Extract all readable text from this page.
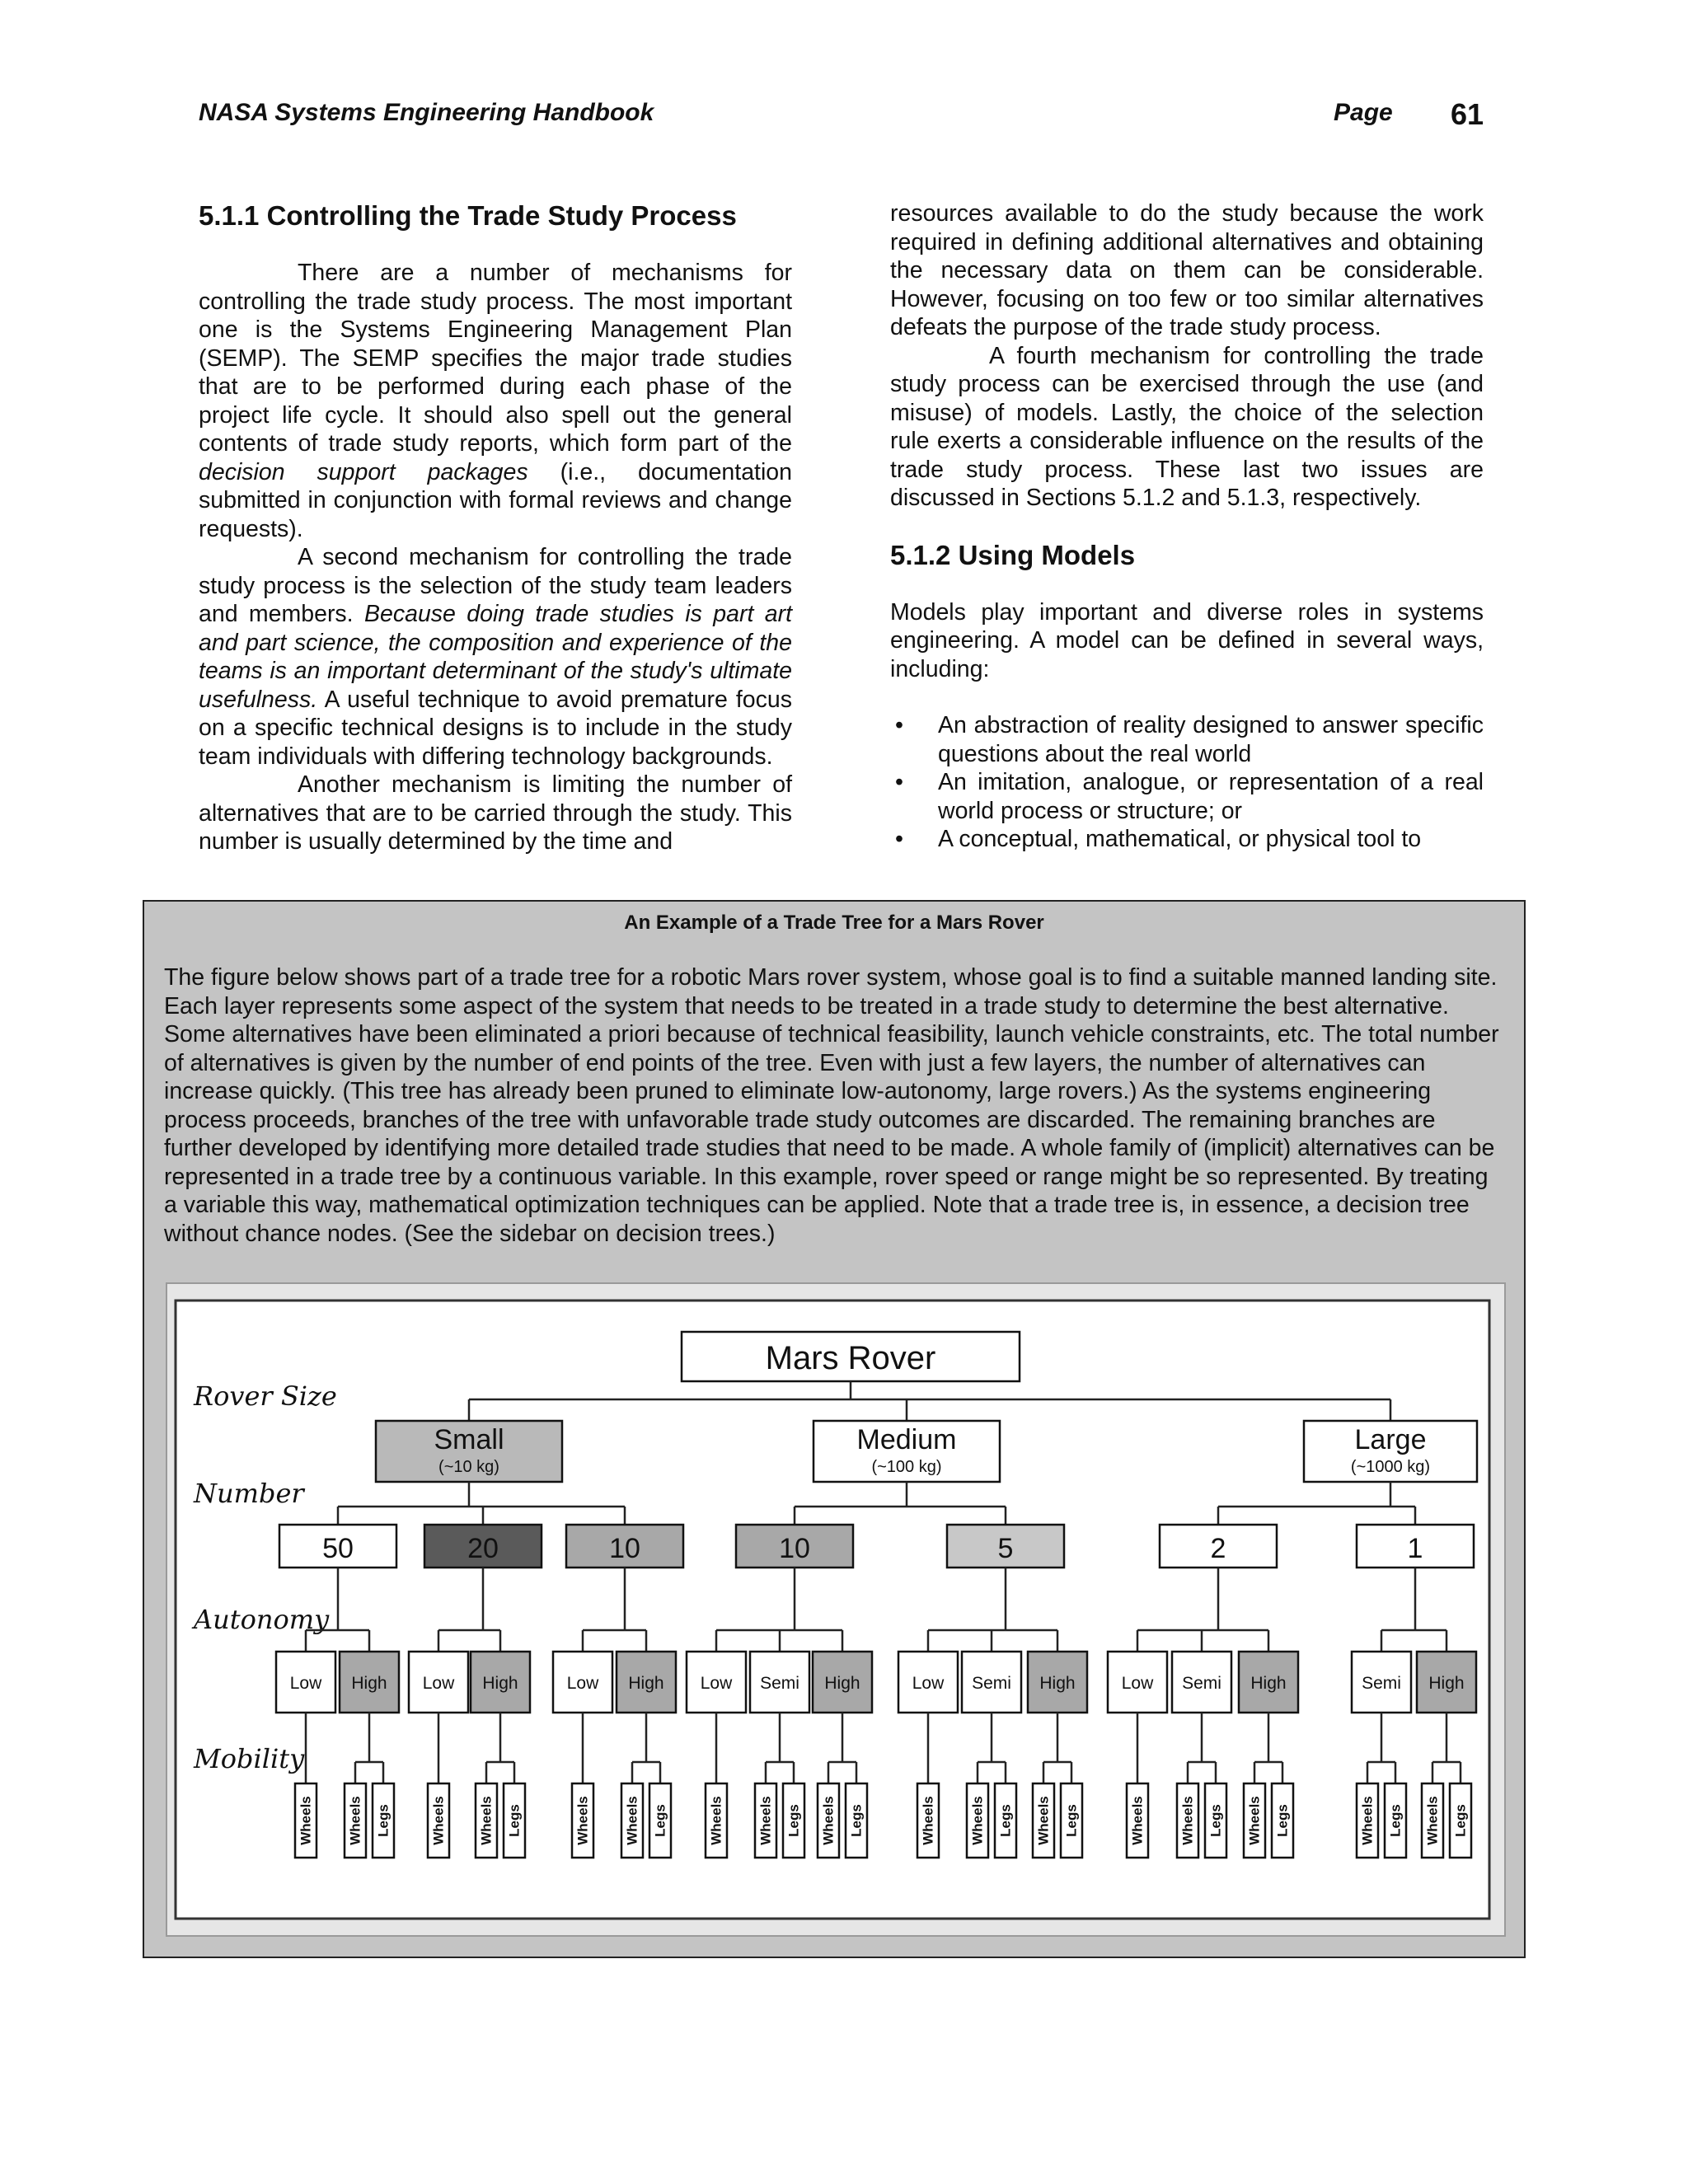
NASA Systems Engineering Handbook	Page 61
5.1.1 Controlling the Trade Study Process

There are a number of mechanisms for controlling the trade study process. The most important one is the Systems Engineering Management Plan (SEMP). The SEMP specifies the major trade studies that are to be performed during each phase of the project life cycle. It should also spell out the general contents of trade study reports, which form part of the decision support packages (i.e., documentation submitted in conjunction with formal reviews and change requests).

A second mechanism for controlling the trade study process is the selection of the study team leaders and members. Because doing trade studies is part art and part science, the composition and experience of the teams is an important determinant of the study's ultimate usefulness. A useful technique to avoid premature focus on a specific technical designs is to include in the study team individuals with differing technology backgrounds.

Another mechanism is limiting the number of alternatives that are to be carried through the study. This number is usually determined by the time and

resources available to do the study because the work required in defining additional alternatives and obtaining the necessary data on them can be considerable. However, focusing on too few or too similar alternatives defeats the purpose of the trade study process.

A fourth mechanism for controlling the trade study process can be exercised through the use (and misuse) of models. Lastly, the choice of the selection rule exerts a considerable influence on the results of the trade study process. These last two issues are discussed in Sections 5.1.2 and 5.1.3, respectively.

5.1.2 Using Models

Models play important and diverse roles in systems engineering. A model can be defined in several ways, including:

• An abstraction of reality designed to answer specific questions about the real world
• An imitation, analogue, or representation of a real world process or structure; or
• A conceptual, mathematical, or physical tool to
An Example of a Trade Tree for a Mars Rover
The figure below shows part of a trade tree for a robotic Mars rover system, whose goal is to find a suitable manned landing site. Each layer represents some aspect of the system that needs to be treated in a trade study to determine the best alternative. Some alternatives have been eliminated a priori because of technical feasibility, launch vehicle constraints, etc. The total number of alternatives is given by the number of end points of the tree. Even with just a few layers, the number of alternatives can increase quickly. (This tree has already been pruned to eliminate low-autonomy, large rovers.) As the systems engineering process proceeds, branches of the tree with unfavorable trade study outcomes are discarded. The remaining branches are further developed by identifying more detailed trade studies that need to be made. A whole family of (implicit) alternatives can be represented in a trade tree by a continuous variable. In this example, rover speed or range might be so represented. By treating a variable this way, mathematical optimization techniques can be applied. Note that a trade tree is, in essence, a decision tree without chance nodes. (See the sidebar on decision trees.)
Rover Size
Number
Autonomy
Mobility
Mars Rover
Small
(~10 kg)
Medium
(~100 kg)
Large
(~1000 kg)
50	20	10	10	5	2	1
Low
Wheels
High
Wheels Legs
Low
Wheels
High
Wheels Legs
Low
Wheels
High
Wheels Legs
Low
Wheels
Semi
Wheels Legs
High
Wheels Legs
Low
Wheels
Semi
Wheels Legs
High
Wheels Legs
Low
Wheels
Semi
Wheels Legs
High
Wheels Legs
Semi
Wheels Legs
High
Wheels Legs
